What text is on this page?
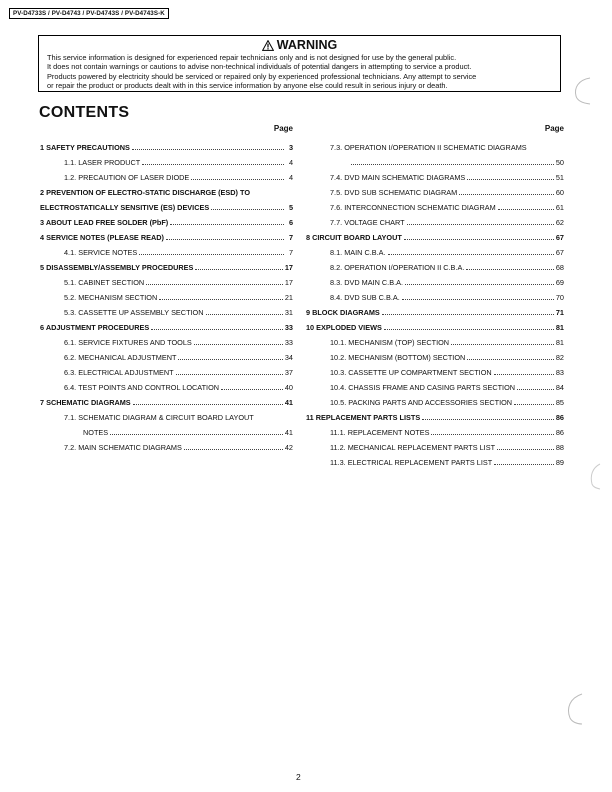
PV-D4733S / PV-D4743 / PV-D4743S / PV-D4743S-K
WARNING
This service information is designed for experienced repair technicians only and is not designed for use by the general public.
It does not contain warnings or cautions to advise non-technical individuals of potential dangers in attempting to service a product.
Products powered by electricity should be serviced or repaired only by experienced professional technicians. Any attempt to service
or repair the product or products dealt with in this service information by anyone else could result in serious injury or death.
CONTENTS
Page
1 SAFETY PRECAUTIONS	3
1.1. LASER PRODUCT	4
1.2. PRECAUTION OF LASER DIODE	4
2 PREVENTION OF ELECTRO-STATIC DISCHARGE (ESD) TO
ELECTROSTATICALLY SENSITIVE (ES) DEVICES	5
3 ABOUT LEAD FREE SOLDER (PbF)	6
4 SERVICE NOTES (PLEASE READ)	7
4.1. SERVICE NOTES	7
5 DISASSEMBLY/ASSEMBLY PROCEDURES	17
5.1. CABINET SECTION	17
5.2. MECHANISM SECTION	21
5.3. CASSETTE UP ASSEMBLY SECTION	31
6 ADJUSTMENT PROCEDURES	33
6.1. SERVICE FIXTURES AND TOOLS	33
6.2. MECHANICAL ADJUSTMENT	34
6.3. ELECTRICAL ADJUSTMENT	37
6.4. TEST POINTS AND CONTROL LOCATION	40
7 SCHEMATIC DIAGRAMS	41
7.1. SCHEMATIC DIAGRAM & CIRCUIT BOARD LAYOUT
NOTES	41
7.2. MAIN SCHEMATIC DIAGRAMS	42
Page
7.3. OPERATION I/OPERATION II SCHEMATIC DIAGRAMS
50
7.4. DVD MAIN SCHEMATIC DIAGRAMS	51
7.5. DVD SUB SCHEMATIC DIAGRAM	60
7.6. INTERCONNECTION SCHEMATIC DIAGRAM	61
7.7. VOLTAGE CHART	62
8 CIRCUIT BOARD LAYOUT	67
8.1. MAIN C.B.A.	67
8.2. OPERATION I/OPERATION II C.B.A.	68
8.3. DVD MAIN C.B.A.	69
8.4. DVD SUB C.B.A.	70
9 BLOCK DIAGRAMS	71
10 EXPLODED VIEWS	81
10.1. MECHANISM (TOP) SECTION	81
10.2. MECHANISM (BOTTOM) SECTION	82
10.3. CASSETTE UP COMPARTMENT SECTION	83
10.4. CHASSIS FRAME AND CASING PARTS SECTION	84
10.5. PACKING PARTS AND ACCESSORIES SECTION	85
11 REPLACEMENT PARTS LISTS	86
11.1. REPLACEMENT NOTES	86
11.2. MECHANICAL REPLACEMENT PARTS LIST	88
11.3. ELECTRICAL REPLACEMENT PARTS LIST	89
2
